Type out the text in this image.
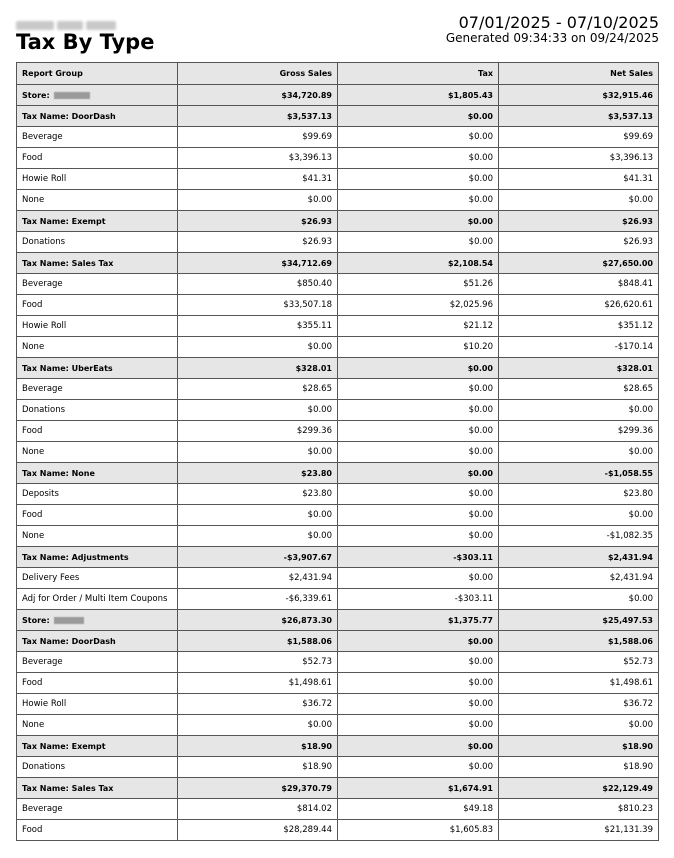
Tax By Type
07/01/2025 - 07/10/2025
Generated 09:34:33 on 09/24/2025
Report Group	Gross Sales	Tax	Net Sales
Store:	$34,720.89	$1,805.43	$32,915.46
Tax Name: DoorDash	$3,537.13	$0.00	$3,537.13
Beverage	$99.69	$0.00	$99.69
Food	$3,396.13	$0.00	$3,396.13
Howie Roll	$41.31	$0.00	$41.31
None	$0.00	$0.00	$0.00
Tax Name: Exempt	$26.93	$0.00	$26.93
Donations	$26.93	$0.00	$26.93
Tax Name: Sales Tax	$34,712.69	$2,108.54	$27,650.00
Beverage	$850.40	$51.26	$848.41
Food	$33,507.18	$2,025.96	$26,620.61
Howie Roll	$355.11	$21.12	$351.12
None	$0.00	$10.20	-$170.14
Tax Name: UberEats	$328.01	$0.00	$328.01
Beverage	$28.65	$0.00	$28.65
Donations	$0.00	$0.00	$0.00
Food	$299.36	$0.00	$299.36
None	$0.00	$0.00	$0.00
Tax Name: None	$23.80	$0.00	-$1,058.55
Deposits	$23.80	$0.00	$23.80
Food	$0.00	$0.00	$0.00
None	$0.00	$0.00	-$1,082.35
Tax Name: Adjustments	-$3,907.67	-$303.11	$2,431.94
Delivery Fees	$2,431.94	$0.00	$2,431.94
Adj for Order / Multi Item Coupons	-$6,339.61	-$303.11	$0.00
Store:	$26,873.30	$1,375.77	$25,497.53
Tax Name: DoorDash	$1,588.06	$0.00	$1,588.06
Beverage	$52.73	$0.00	$52.73
Food	$1,498.61	$0.00	$1,498.61
Howie Roll	$36.72	$0.00	$36.72
None	$0.00	$0.00	$0.00
Tax Name: Exempt	$18.90	$0.00	$18.90
Donations	$18.90	$0.00	$18.90
Tax Name: Sales Tax	$29,370.79	$1,674.91	$22,129.49
Beverage	$814.02	$49.18	$810.23
Food	$28,289.44	$1,605.83	$21,131.39
